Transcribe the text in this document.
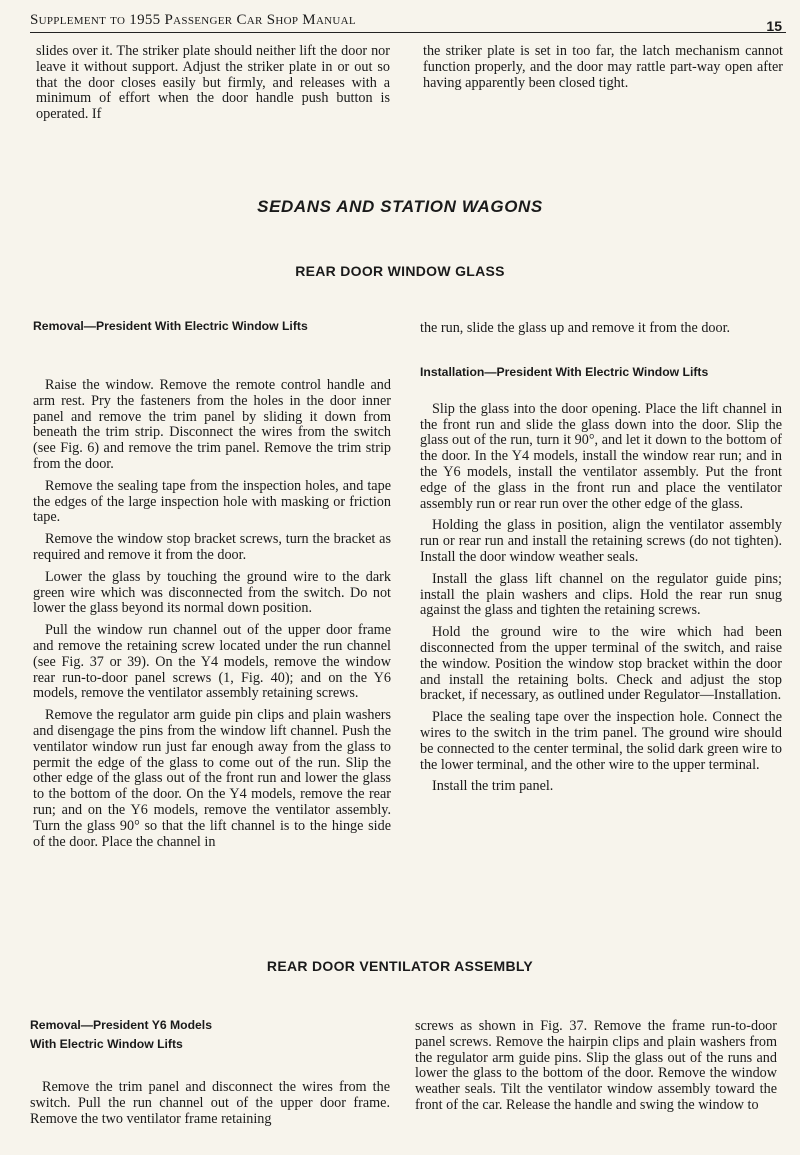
Supplement to 1955 Passenger Car Shop Manual	15

slides over it. The striker plate should neither lift the door nor leave it without support. Adjust the striker plate in or out so that the door closes easily but firmly, and releases with a minimum of effort when the door handle push button is operated. If

the striker plate is set in too far, the latch mechanism cannot function properly, and the door may rattle part-way open after having apparently been closed tight.

SEDANS AND STATION WAGONS
REAR DOOR WINDOW GLASS

Removal—President With Electric Window Lifts

Raise the window. Remove the remote control handle and arm rest. Pry the fasteners from the holes in the door inner panel and remove the trim panel by sliding it down from beneath the trim strip. Disconnect the wires from the switch (see Fig. 6) and remove the trim panel. Remove the trim strip from the door.

Remove the sealing tape from the inspection holes, and tape the edges of the large inspection hole with masking or friction tape.

Remove the window stop bracket screws, turn the bracket as required and remove it from the door.

Lower the glass by touching the ground wire to the dark green wire which was disconnected from the switch. Do not lower the glass beyond its normal down position.

Pull the window run channel out of the upper door frame and remove the retaining screw located under the run channel (see Fig. 37 or 39). On the Y4 models, remove the window rear run-to-door panel screws (1, Fig. 40); and on the Y6 models, remove the ventilator assembly retaining screws.

Remove the regulator arm guide pin clips and plain washers and disengage the pins from the window lift channel. Push the ventilator window run just far enough away from the glass to permit the edge of the glass to come out of the run. Slip the other edge of the glass out of the front run and lower the glass to the bottom of the door. On the Y4 models, remove the rear run; and on the Y6 models, remove the ventilator assembly. Turn the glass 90° so that the lift channel is to the hinge side of the door. Place the channel in

the run, slide the glass up and remove it from the door.

Installation—President With Electric Window Lifts

Slip the glass into the door opening. Place the lift channel in the front run and slide the glass down into the door. Slip the glass out of the run, turn it 90°, and let it down to the bottom of the door. In the Y4 models, install the window rear run; and in the Y6 models, install the ventilator assembly. Put the front edge of the glass in the front run and place the ventilator assembly run or rear run over the other edge of the glass.

Holding the glass in position, align the ventilator assembly run or rear run and install the retaining screws (do not tighten). Install the door window weather seals.

Install the glass lift channel on the regulator guide pins; install the plain washers and clips. Hold the rear run snug against the glass and tighten the retaining screws.

Hold the ground wire to the wire which had been disconnected from the upper terminal of the switch, and raise the window. Position the window stop bracket within the door and install the retaining bolts. Check and adjust the stop bracket, if necessary, as outlined under Regulator—Installation.

Place the sealing tape over the inspection hole. Connect the wires to the switch in the trim panel. The ground wire should be connected to the center terminal, the solid dark green wire to the lower terminal, and the other wire to the upper terminal.

Install the trim panel.

REAR DOOR VENTILATOR ASSEMBLY

Removal—President Y6 Models

With Electric Window Lifts

Remove the trim panel and disconnect the wires from the switch. Pull the run channel out of the upper door frame. Remove the two ventilator frame retaining

screws as shown in Fig. 37. Remove the frame run-to-door panel screws. Remove the hairpin clips and plain washers from the regulator arm guide pins. Slip the glass out of the runs and lower the glass to the bottom of the door. Remove the window weather seals. Tilt the ventilator window assembly toward the front of the car. Release the handle and swing the window to
